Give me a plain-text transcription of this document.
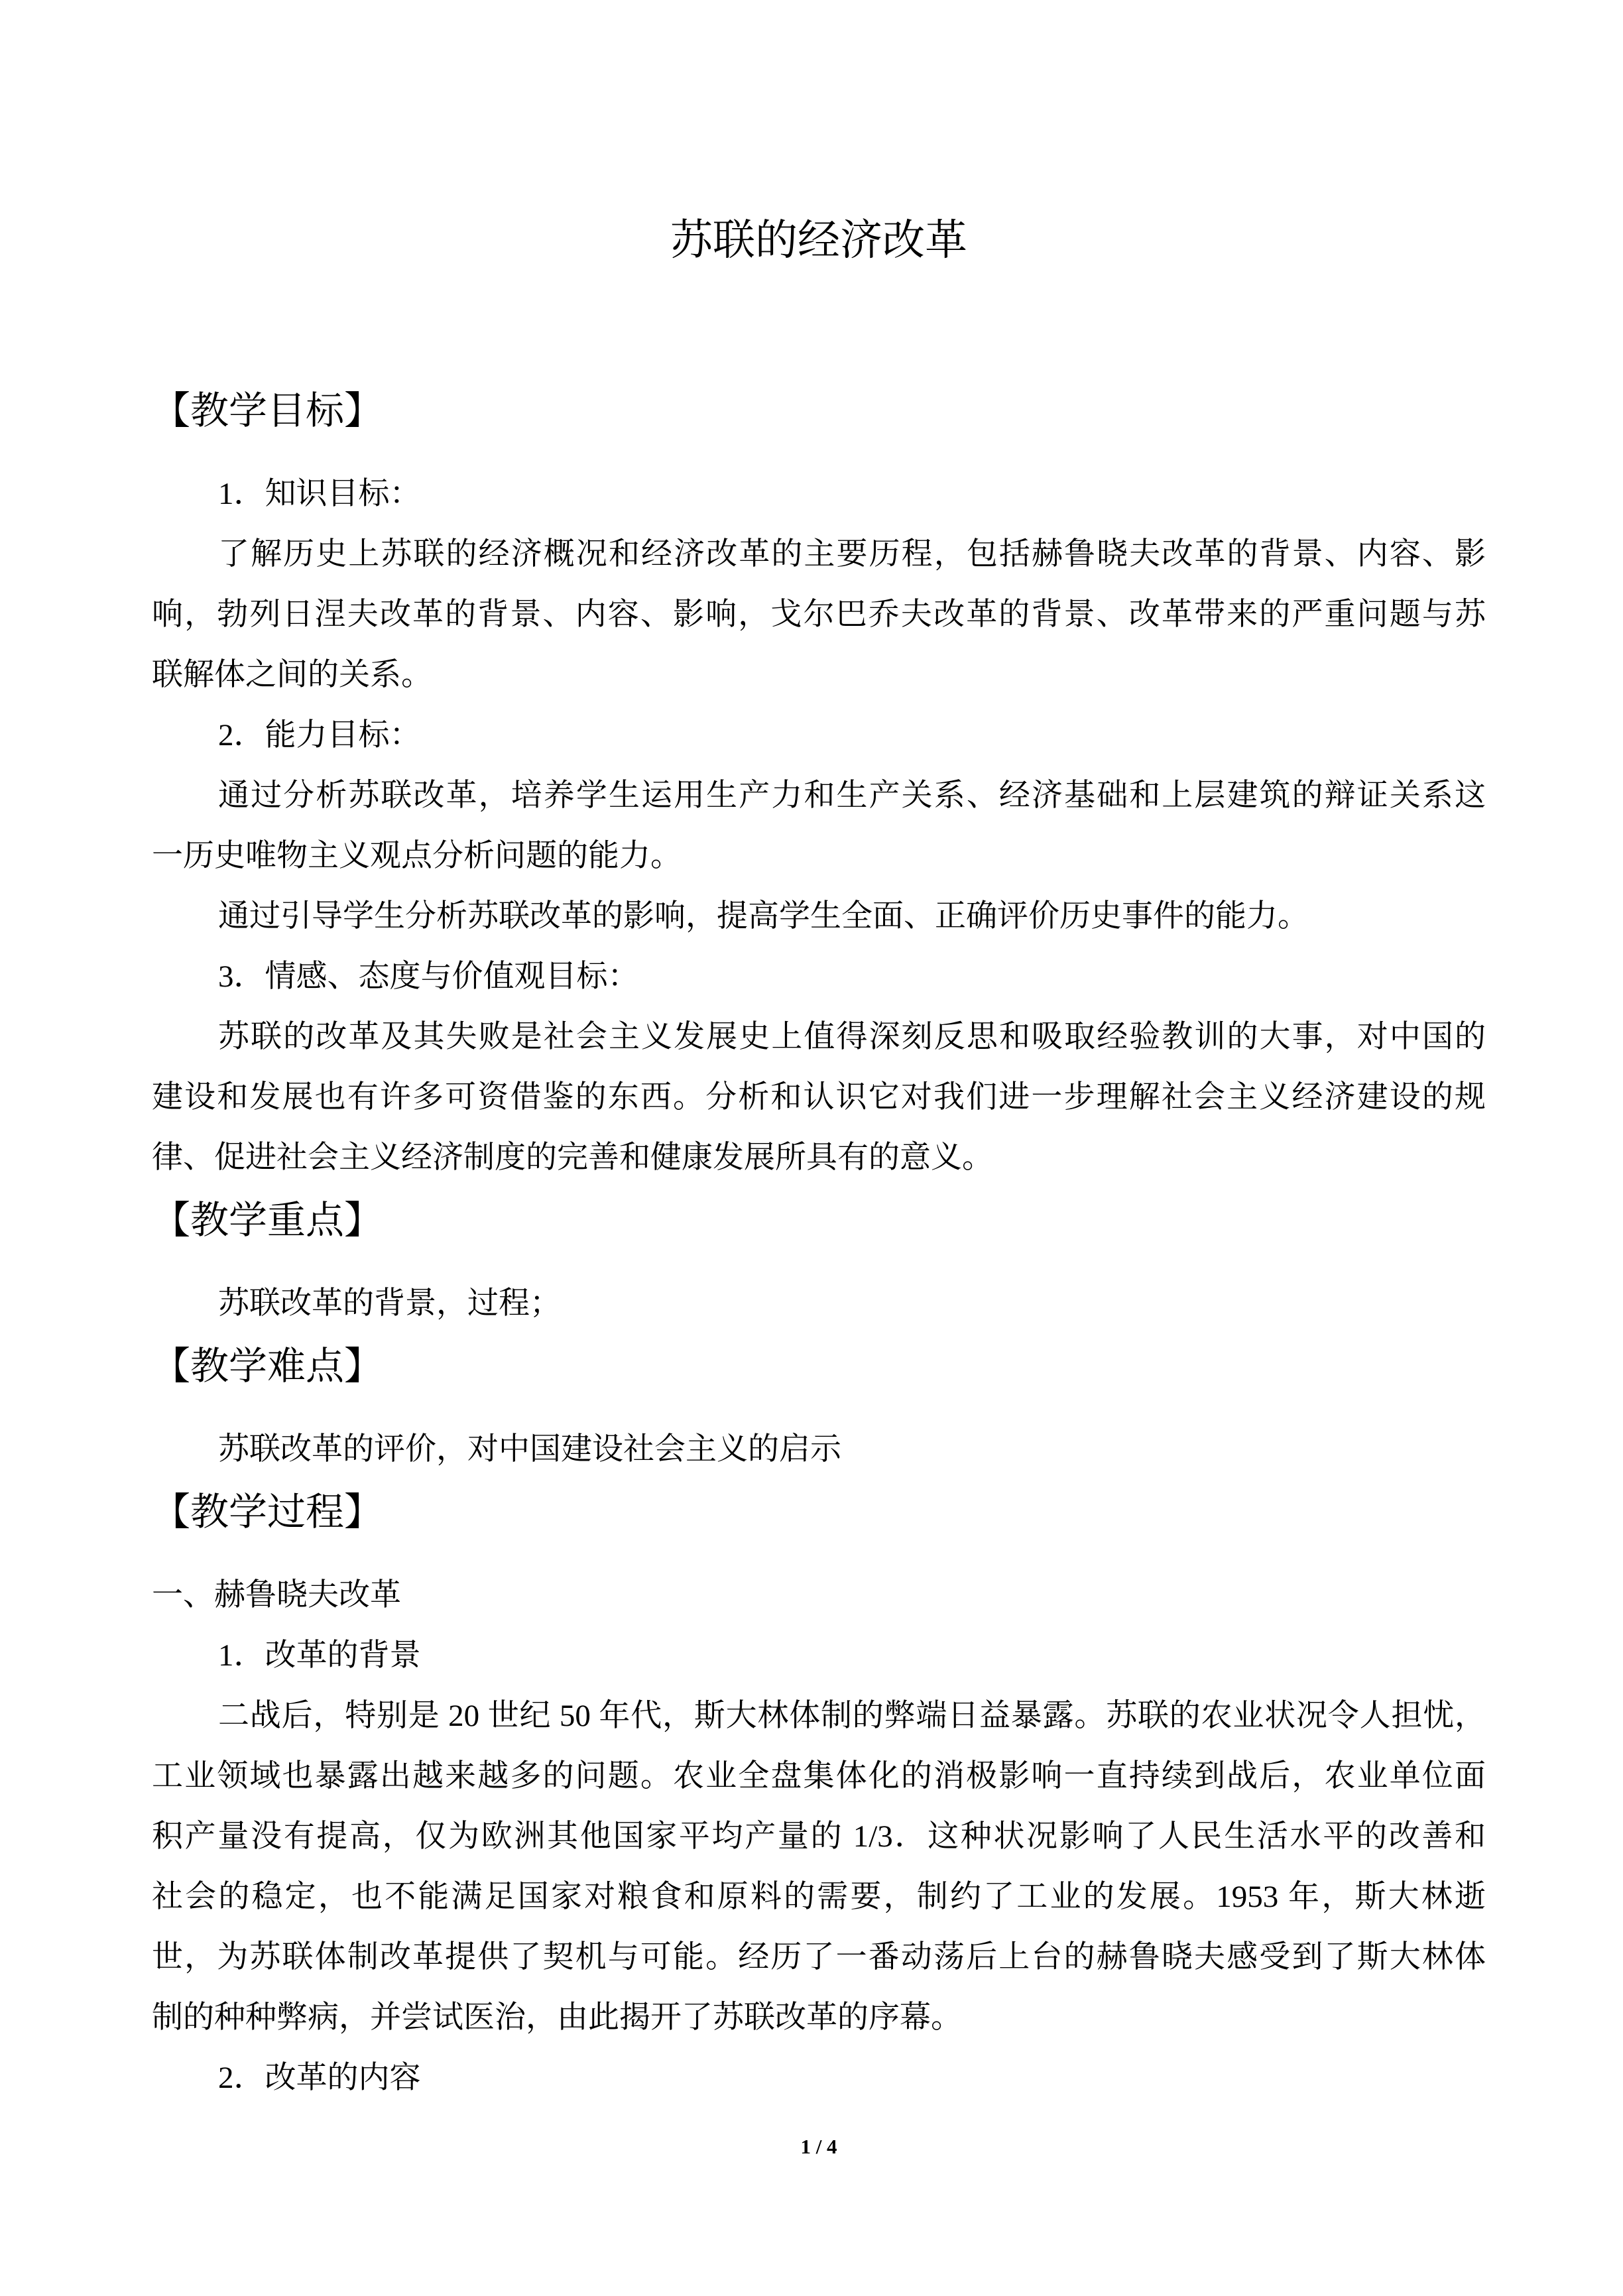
苏联的经济改革
【教学目标】
1．知识目标：
了解历史上苏联的经济概况和经济改革的主要历程，包括赫鲁晓夫改革的背景、内容、影
响，勃列日涅夫改革的背景、内容、影响，戈尔巴乔夫改革的背景、改革带来的严重问题与苏
联解体之间的关系。
2．能力目标：
通过分析苏联改革，培养学生运用生产力和生产关系、经济基础和上层建筑的辩证关系这
一历史唯物主义观点分析问题的能力。
通过引导学生分析苏联改革的影响，提高学生全面、正确评价历史事件的能力。
3．情感、态度与价值观目标：
苏联的改革及其失败是社会主义发展史上值得深刻反思和吸取经验教训的大事，对中国的
建设和发展也有许多可资借鉴的东西。分析和认识它对我们进一步理解社会主义经济建设的规
律、促进社会主义经济制度的完善和健康发展所具有的意义。
【教学重点】
苏联改革的背景，过程；
【教学难点】
苏联改革的评价，对中国建设社会主义的启示
【教学过程】
一、赫鲁晓夫改革
1．改革的背景
二战后，特别是 20 世纪 50 年代，斯大林体制的弊端日益暴露。苏联的农业状况令人担忧，
工业领域也暴露出越来越多的问题。农业全盘集体化的消极影响一直持续到战后，农业单位面
积产量没有提高，仅为欧洲其他国家平均产量的 1/3．这种状况影响了人民生活水平的改善和
社会的稳定，也不能满足国家对粮食和原料的需要，制约了工业的发展。1953 年，斯大林逝
世，为苏联体制改革提供了契机与可能。经历了一番动荡后上台的赫鲁晓夫感受到了斯大林体
制的种种弊病，并尝试医治，由此揭开了苏联改革的序幕。
2．改革的内容
1 / 4
